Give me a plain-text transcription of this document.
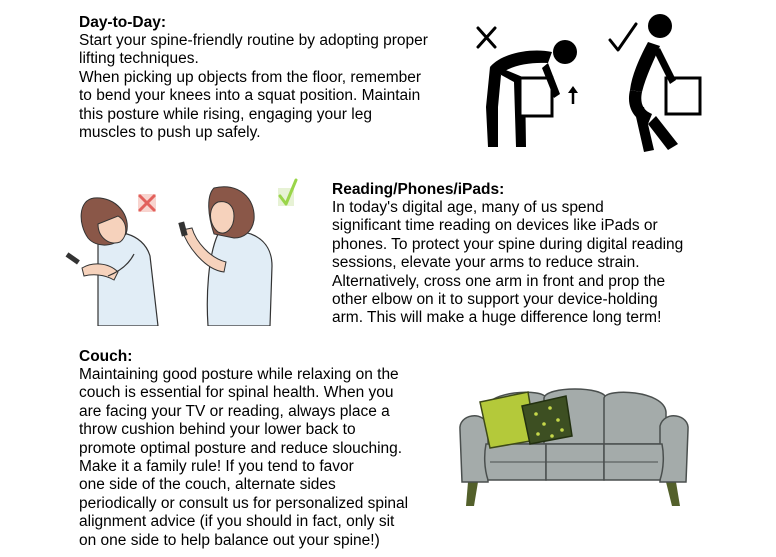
Day-to-Day:

Start your spine-friendly routine by adopting proper
lifting techniques.
When picking up objects from the floor, remember
to bend your knees into a squat position. Maintain
this posture while rising, engaging your leg
muscles to push up safely.

Reading/Phones/iPads:

In today's digital age, many of us spend
significant time reading on devices like iPads or
phones. To protect your spine during digital reading
sessions, elevate your arms to reduce strain.
Alternatively, cross one arm in front and prop the
other elbow on it to support your device-holding
arm. This will make a huge difference long term!

Couch:

Maintaining good posture while relaxing on the
couch is essential for spinal health. When you
are facing your TV or reading, always place a
throw cushion behind your lower back to
promote optimal posture and reduce slouching.
Make it a family rule! If you tend to favor
one side of the couch, alternate sides
periodically or consult us for personalized spinal
alignment advice (if you should in fact, only sit
on one side to help balance out your spine!)
